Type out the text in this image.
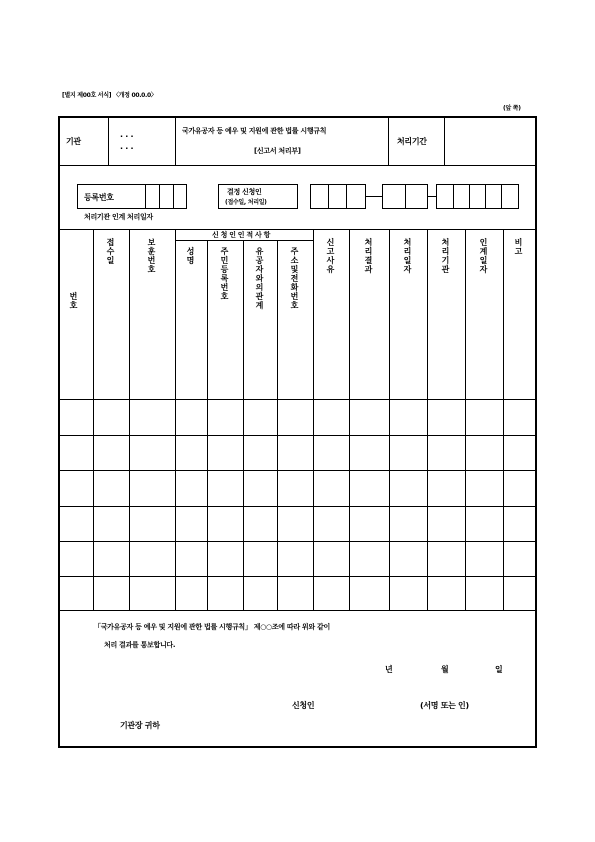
[별지 제00호 서식] 〈개정 00.0.0〉
(앞 쪽)
기관
· · ·
· · ·
국가유공자 등 예우 및 지원에 관한 법률 시행규칙
[신고서 처리부]
처리기간
등록번호
결정 신청인
(접수일, 처리일)
처리기관 인계 처리일자
신 청 인 인 적 사 항
번호
접수일	보훈번호	성명	주민등록번호	유공자와의관계	주소및전화번호	신고사유	처리결과	처리일자	처리기관	인계일자	비고
「국가유공자 등 예우 및 지원에 관한 법률 시행규칙」 제○○조에 따라 위와 같이
처리 결과를 통보합니다.
년	월	일
신청인	(서명 또는 인)
기관장 귀하
